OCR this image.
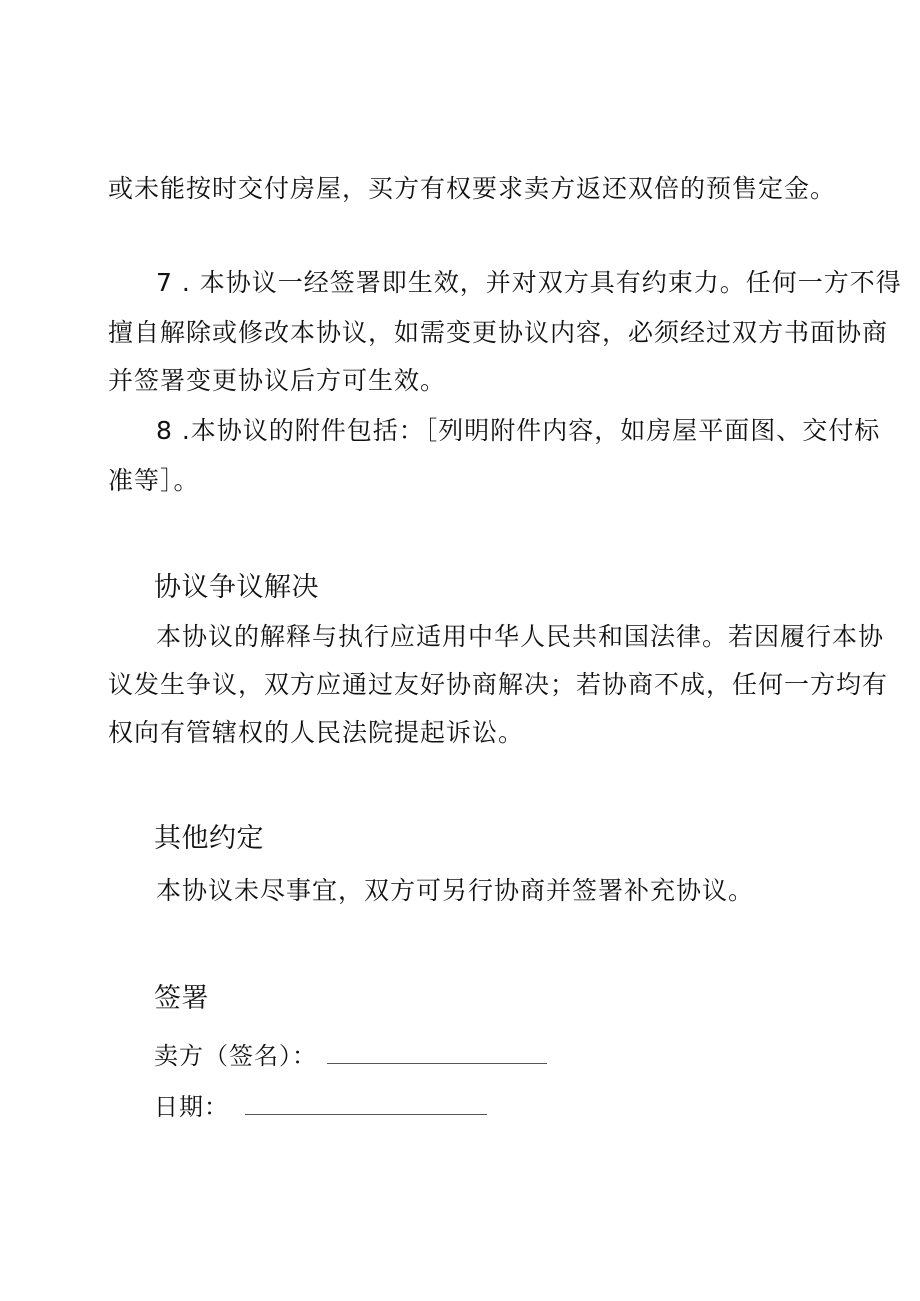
或未能按时交付房屋，买方有权要求卖方返还双倍的预售定金。
7 . 本协议一经签署即生效，并对双方具有约束力。任何一方不得
擅自解除或修改本协议，如需变更协议内容，必须经过双方书面协商
并签署变更协议后方可生效。
8 .本协议的附件包括：［列明附件内容，如房屋平面图、交付标
准等］。
协议争议解决
本协议的解释与执行应适用中华人民共和国法律。若因履行本协
议发生争议，双方应通过友好协商解决；若协商不成，任何一方均有
权向有管辖权的人民法院提起诉讼。
其他约定
本协议未尽事宜，双方可另行协商并签署补充协议。
签署
卖方（签名）：
日期：
